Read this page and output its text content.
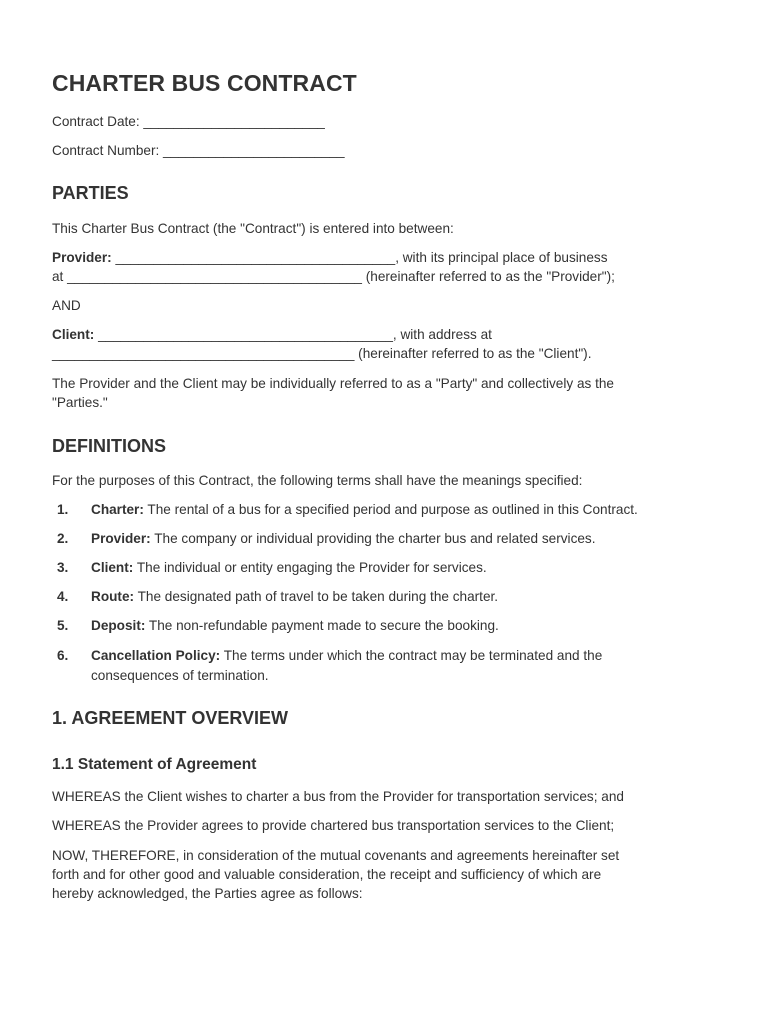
CHARTER BUS CONTRACT

Contract Date: ________________________

Contract Number: ________________________

PARTIES

This Charter Bus Contract (the "Contract") is entered into between:

Provider: _____________________________________, with its principal place of business

at _______________________________________ (hereinafter referred to as the "Provider");

AND

Client: _______________________________________, with address at

________________________________________ (hereinafter referred to as the "Client").

The Provider and the Client may be individually referred to as a "Party" and collectively as the

"Parties."

DEFINITIONS

For the purposes of this Contract, the following terms shall have the meanings specified:

1. Charter: The rental of a bus for a specified period and purpose as outlined in this Contract.
2. Provider: The company or individual providing the charter bus and related services.
3. Client: The individual or entity engaging the Provider for services.
4. Route: The designated path of travel to be taken during the charter.
5. Deposit: The non-refundable payment made to secure the booking.
6. Cancellation Policy: The terms under which the contract may be terminated and the
consequences of termination.
1. AGREEMENT OVERVIEW
1.1 Statement of Agreement

WHEREAS the Client wishes to charter a bus from the Provider for transportation services; and

WHEREAS the Provider agrees to provide chartered bus transportation services to the Client;

NOW, THEREFORE, in consideration of the mutual covenants and agreements hereinafter set

forth and for other good and valuable consideration, the receipt and sufficiency of which are

hereby acknowledged, the Parties agree as follows:
